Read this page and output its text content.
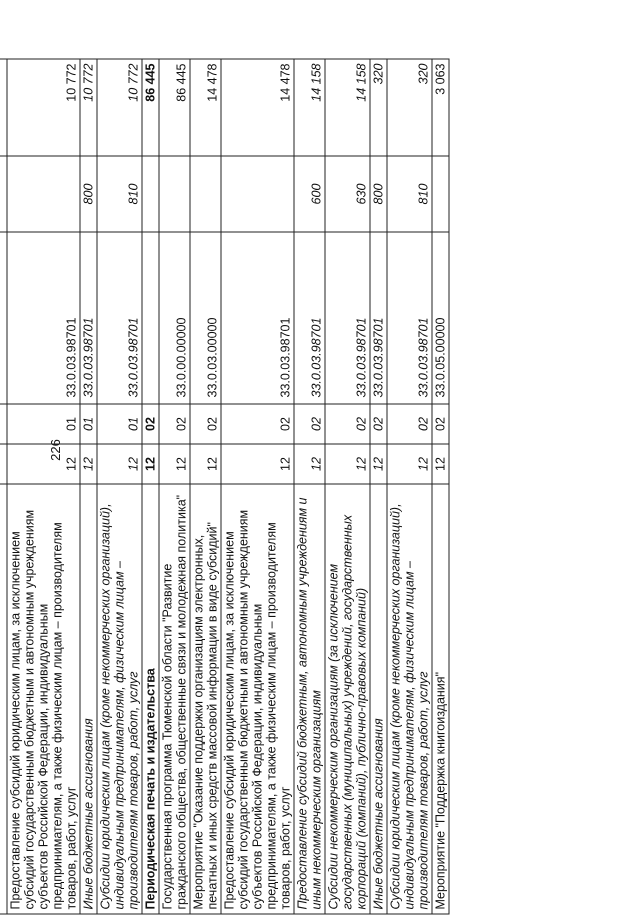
226

Предоставление субсидий юридическим лицам, за исключением субсидий государственным бюджетным и автономным учреждениям субъектов Российской Федерации, индивидуальным предпринимателям, а также физическим лицам – производителям товаров, работ, услуг	12	01	33.0.03.98701		10 772
Иные бюджетные ассигнования	12	01	33.0.03.98701	800	10 772
Субсидии юридическим лицам (кроме некоммерческих организаций), индивидуальным предпринимателям, физическим лицам – производителям товаров, работ, услуг	12	01	33.0.03.98701	810	10 772
Периодическая печать и издательства	12	02			86 445
Государственная программа Тюменской области "Развитие гражданского общества, общественные связи и молодежная политика"	12	02	33.0.00.00000		86 445
Мероприятие "Оказание поддержки организациям электронных, печатных и иных средств массовой информации в виде субсидий"	12	02	33.0.03.00000		14 478
Предоставление субсидий юридическим лицам, за исключением субсидий государственным бюджетным и автономным учреждениям субъектов Российской Федерации, индивидуальным предпринимателям, а также физическим лицам – производителям товаров, работ, услуг	12	02	33.0.03.98701		14 478
Предоставление субсидий бюджетным, автономным учреждениям и иным некоммерческим организациям	12	02	33.0.03.98701	600	14 158
Субсидии некоммерческим организациям (за исключением государственных (муниципальных) учреждений, государственных корпораций (компаний), публично-правовых компаний)	12	02	33.0.03.98701	630	14 158
Иные бюджетные ассигнования	12	02	33.0.03.98701	800	320
Субсидии юридическим лицам (кроме некоммерческих организаций), индивидуальным предпринимателям, физическим лицам – производителям товаров, работ, услуг	12	02	33.0.03.98701	810	320
Мероприятие "Поддержка книгоиздания"	12	02	33.0.05.00000		3 063
